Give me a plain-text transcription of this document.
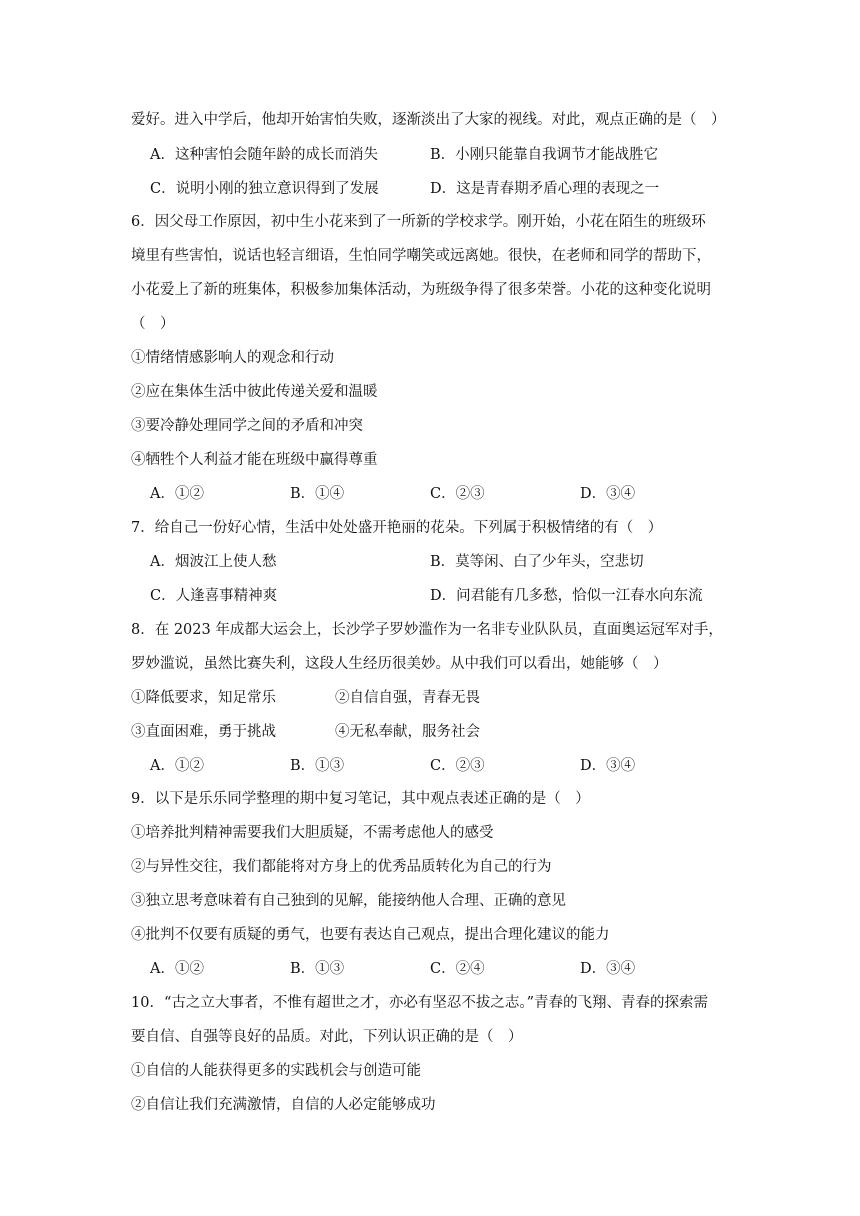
爱好。进入中学后，他却开始害怕失败，逐渐淡出了大家的视线。对此，观点正确的是（　）
A．这种害怕会随年龄的成长而消失	B．小刚只能靠自我调节才能战胜它
C．说明小刚的独立意识得到了发展	D．这是青春期矛盾心理的表现之一
6．因父母工作原因，初中生小花来到了一所新的学校求学。刚开始，小花在陌生的班级环
境里有些害怕，说话也轻言细语，生怕同学嘲笑或远离她。很快，在老师和同学的帮助下，
小花爱上了新的班集体，积极参加集体活动，为班级争得了很多荣誉。小花的这种变化说明
（　）
①情绪情感影响人的观念和行动
②应在集体生活中彼此传递关爱和温暖
③要冷静处理同学之间的矛盾和冲突
④牺牲个人利益才能在班级中赢得尊重
A．①②	B．①④	C．②③	D．③④
7．给自己一份好心情，生活中处处盛开艳丽的花朵。下列属于积极情绪的有（　）
A．烟波江上使人愁	B．莫等闲、白了少年头，空悲切
C．人逢喜事精神爽	D．问君能有几多愁，恰似一江春水向东流
8．在 2023 年成都大运会上，长沙学子罗妙滥作为一名非专业队队员，直面奥运冠军对手，
罗妙滥说，虽然比赛失利，这段人生经历很美妙。从中我们可以看出，她能够（　）
①降低要求，知足常乐	②自信自强，青春无畏
③直面困难，勇于挑战	④无私奉献，服务社会
A．①②	B．①③	C．②③	D．③④
9．以下是乐乐同学整理的期中复习笔记，其中观点表述正确的是（　）
①培养批判精神需要我们大胆质疑，不需考虑他人的感受
②与异性交往，我们都能将对方身上的优秀品质转化为自己的行为
③独立思考意味着有自己独到的见解，能接纳他人合理、正确的意见
④批判不仅要有质疑的勇气，也要有表达自己观点，提出合理化建议的能力
A．①②	B．①③	C．②④	D．③④
10．“古之立大事者，不惟有超世之才，亦必有坚忍不拔之志。”青春的飞翔、青春的探索需
要自信、自强等良好的品质。对此，下列认识正确的是（　）
①自信的人能获得更多的实践机会与创造可能
②自信让我们充满激情，自信的人必定能够成功
